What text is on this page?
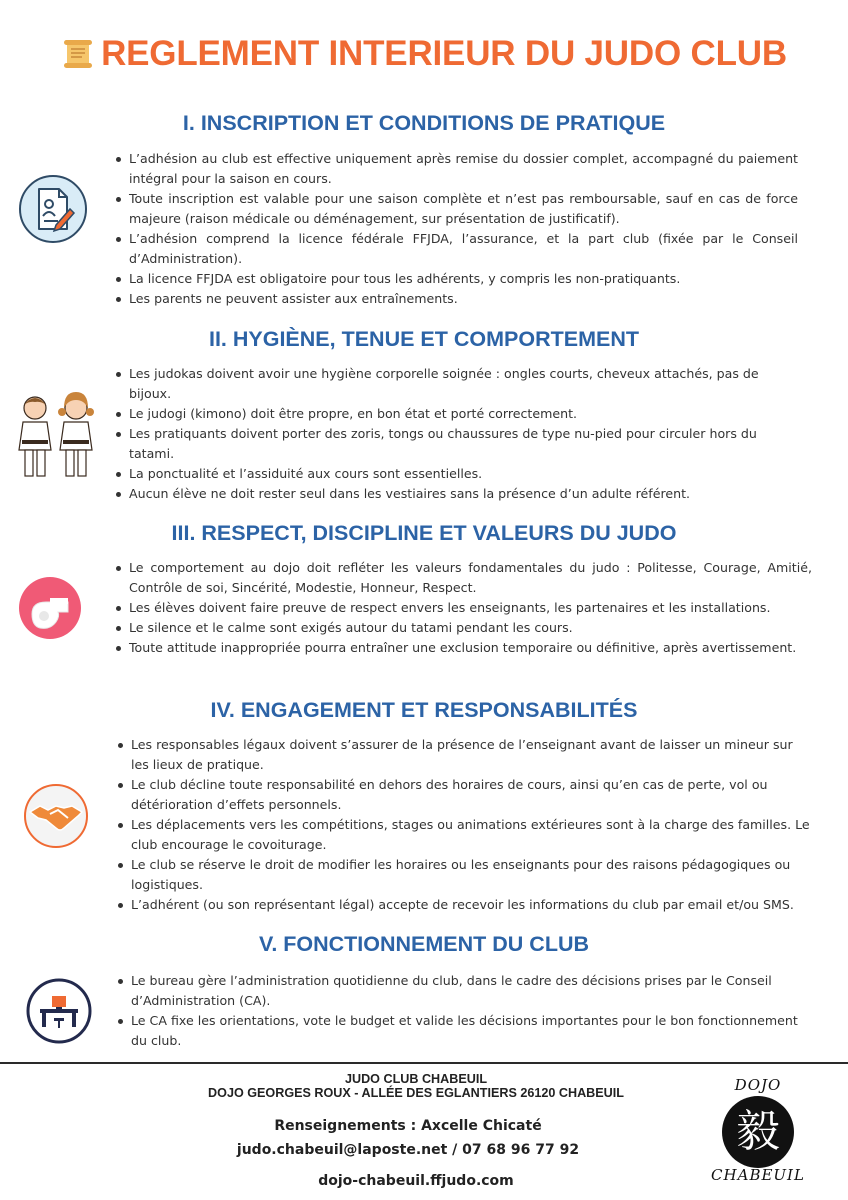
REGLEMENT INTERIEUR DU JUDO CLUB
I. INSCRIPTION ET CONDITIONS DE PRATIQUE
L’adhésion au club est effective uniquement après remise du dossier complet, accompagné du paiement intégral pour la saison en cours.
Toute inscription est valable pour une saison complète et n’est pas remboursable, sauf en cas de force majeure (raison médicale ou déménagement, sur présentation de justificatif).
L’adhésion comprend la licence fédérale FFJDA, l’assurance, et la part club (fixée par le Conseil d’Administration).
La licence FFJDA est obligatoire pour tous les adhérents, y compris les non-pratiquants.
Les parents ne peuvent assister aux entraînements.
II. HYGIÈNE, TENUE ET COMPORTEMENT
Les judokas doivent avoir une hygiène corporelle soignée : ongles courts, cheveux attachés, pas de bijoux.
Le judogi (kimono) doit être propre, en bon état et porté correctement.
Les pratiquants doivent porter des zoris, tongs ou chaussures de type nu-pied pour circuler hors du tatami.
La ponctualité et l’assiduité aux cours sont essentielles.
Aucun élève ne doit rester seul dans les vestiaires sans la présence d’un adulte référent.
III. RESPECT, DISCIPLINE ET VALEURS DU JUDO
Le comportement au dojo doit refléter les valeurs fondamentales du judo : Politesse, Courage, Amitié, Contrôle de soi, Sincérité, Modestie, Honneur, Respect.
Les élèves doivent faire preuve de respect envers les enseignants, les partenaires et les installations.
Le silence et le calme sont exigés autour du tatami pendant les cours.
Toute attitude inappropriée pourra entraîner une exclusion temporaire ou définitive, après avertissement.
IV. ENGAGEMENT ET RESPONSABILITÉS
Les responsables légaux doivent s’assurer de la présence de l’enseignant avant de laisser un mineur sur les lieux de pratique.
Le club décline toute responsabilité en dehors des horaires de cours, ainsi qu’en cas de perte, vol ou détérioration d’effets personnels.
Les déplacements vers les compétitions, stages ou animations extérieures sont à la charge des familles. Le club encourage le covoiturage.
Le club se réserve le droit de modifier les horaires ou les enseignants pour des raisons pédagogiques ou logistiques.
L’adhérent (ou son représentant légal) accepte de recevoir les informations du club par email et/ou SMS.
V. FONCTIONNEMENT DU CLUB
Le bureau gère l’administration quotidienne du club, dans le cadre des décisions prises par le Conseil d’Administration (CA).
Le CA fixe les orientations, vote le budget et valide les décisions importantes pour le bon fonctionnement du club.
JUDO CLUB CHABEUIL
DOJO GEORGES ROUX - ALLÉE DES EGLANTIERS 26120 CHABEUIL
Renseignements : Axcelle Chicaté
judo.chabeuil@laposte.net / 07 68 96 77 92
dojo-chabeuil.ffjudo.com
DOJO
毅
CHABEUIL
